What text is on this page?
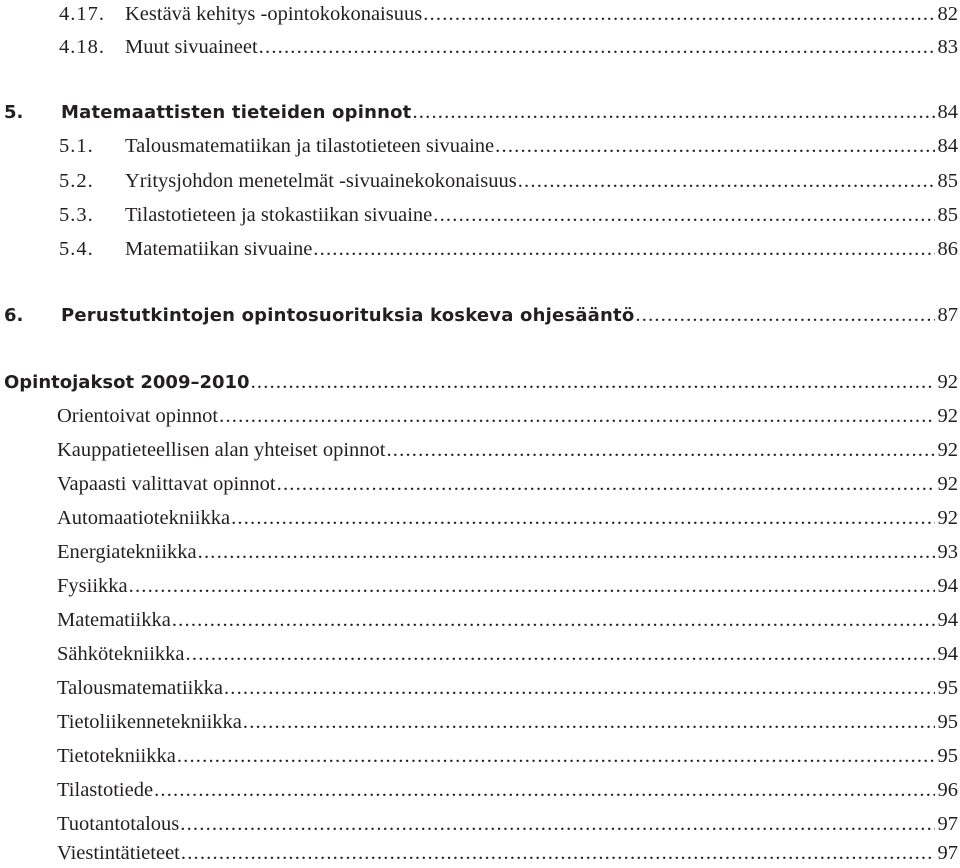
4.17. Kestävä kehitys -opintokokonaisuus .....	82
4.18. Muut sivuaineet .....	83
5.	Matemaattisten tieteiden opinnot .....	84
5.1.	Talousmatematiikan ja tilastotieteen sivuaine .....	84
5.2.	Yritysjohdon menetelmät -sivuainekokonaisuus .....	85
5.3.	Tilastotieteen ja stokastiikan sivuaine .....	85
5.4.	Matematiikan sivuaine .....	86
6.	Perustutkintojen opintosuorituksia koskeva ohjesääntö .....	87
Opintojaksot 2009–2010 .....	92
Orientoivat opinnot .....	92
Kauppatieteellisen alan yhteiset opinnot .....	92
Vapaasti valittavat opinnot .....	92
Automaatiotekniikka .....	92
Energiatekniikka .....	93
Fysiikka .....	94
Matematiikka .....	94
Sähkötekniikka .....	94
Talousmatematiikka .....	95
Tietoliikennetekniikka .....	95
Tietotekniikka .....	95
Tilastotiede .....	96
Tuotantotalous .....	97
Viestintätieteet .....	97
